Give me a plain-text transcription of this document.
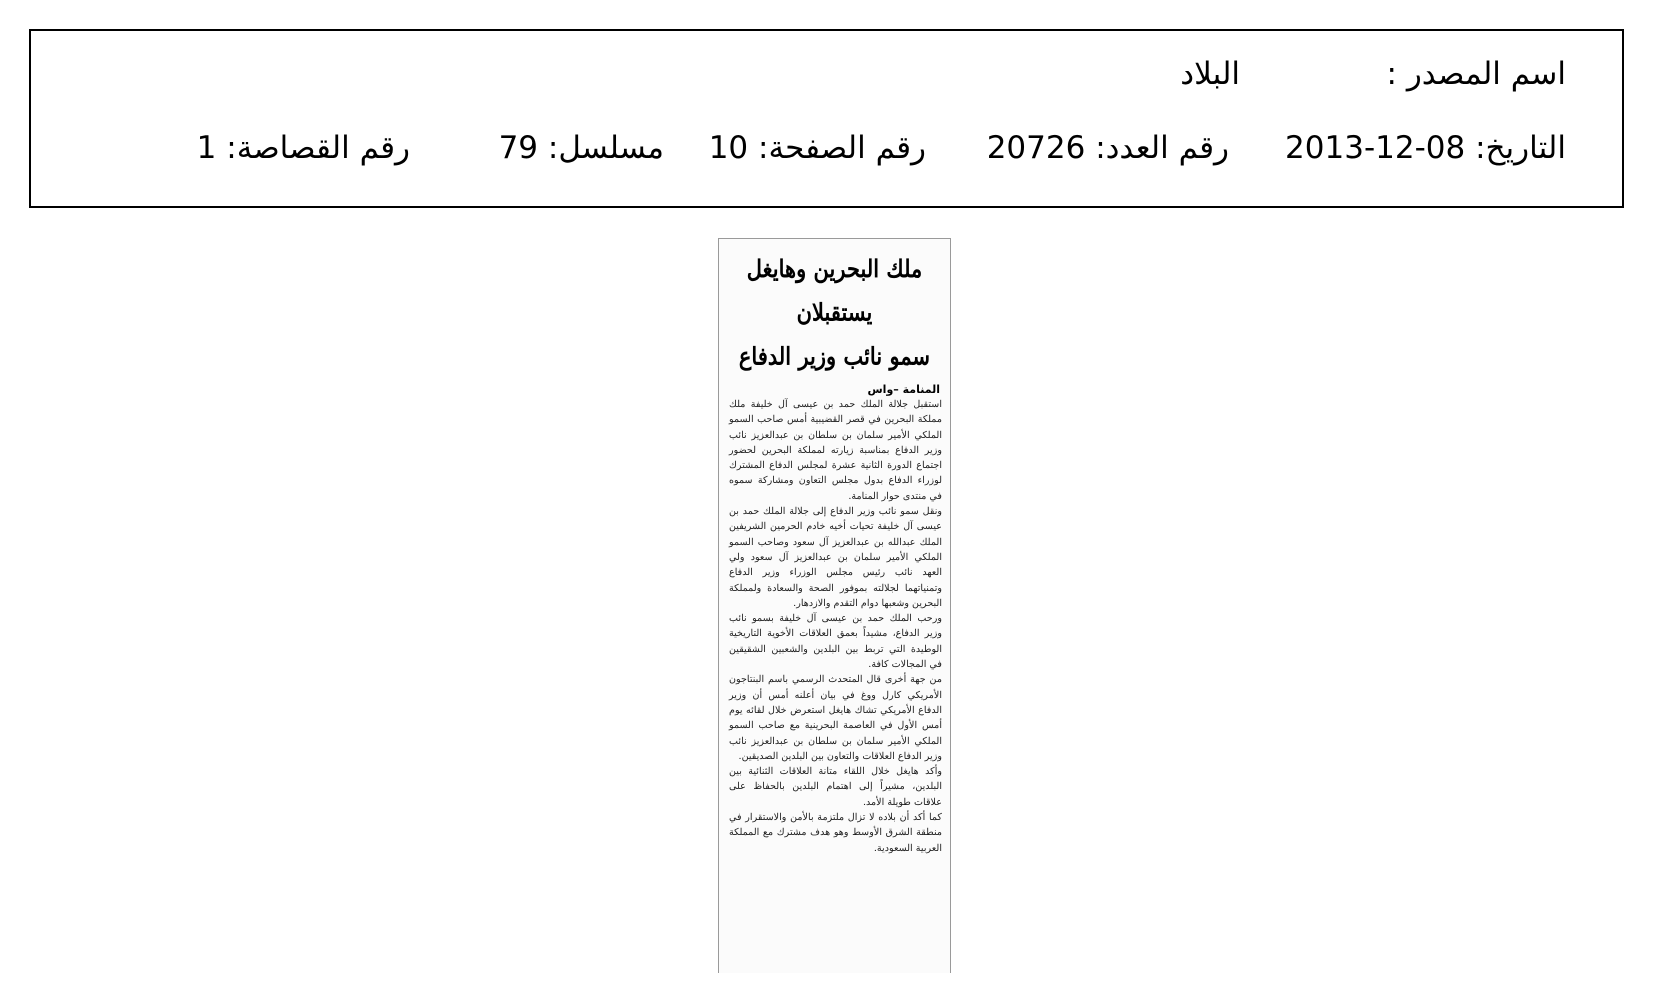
اسم المصدر :
البلاد
التاريخ: 2013-12-08
رقم العدد: 20726
رقم الصفحة: 10
مسلسل: 79
رقم القصاصة: 1
ملك البحرين وهايغل يستقبلان
سمو نائب وزير الدفاع
المنامة –واس

استقبل جلالة الملك حمد بن عيسى آل خليفة ملك مملكة البحرين في قصر القضيبية أمس صاحب السمو الملكي الأمير سلمان بن سلطان بن عبدالعزيز نائب وزير الدفاع بمناسبة زيارته لمملكة البحرين لحضور اجتماع الدورة الثانية عشرة لمجلس الدفاع المشترك لوزراء الدفاع بدول مجلس التعاون ومشاركة سموه في منتدى حوار المنامة.

ونقل سمو نائب وزير الدفاع إلى جلالة الملك حمد بن عيسى آل خليفة تحيات أخيه خادم الحرمين الشريفين الملك عبدالله بن عبدالعزيز آل سعود وصاحب السمو الملكي الأمير سلمان بن عبدالعزيز آل سعود ولي العهد نائب رئيس مجلس الوزراء وزير الدفاع وتمنياتهما لجلالته بموفور الصحة والسعادة ولمملكة البحرين وشعبها دوام التقدم والازدهار.

ورحب الملك حمد بن عيسى آل خليفة بسمو نائب وزير الدفاع، مشيداً بعمق العلاقات الأخوية التاريخية الوطيدة التي تربط بين البلدين والشعبين الشقيقين في المجالات كافة.

من جهة أخرى قال المتحدث الرسمي باسم البنتاجون الأمريكي كارل ووغ في بيان أعلنه أمس أن وزير الدفاع الأمريكي تشاك هايغل استعرض خلال لقائه يوم أمس الأول في العاصمة البحرينية مع صاحب السمو الملكي الأمير سلمان بن سلطان بن عبدالعزيز نائب وزير الدفاع العلاقات والتعاون بين البلدين الصديقين.

وأكد هايغل خلال اللقاء متانة العلاقات الثنائية بين البلدين، مشيراً إلى اهتمام البلدين بالحفاظ على علاقات طويلة الأمد.

كما أكد أن بلاده لا تزال ملتزمة بالأمن والاستقرار في منطقة الشرق الأوسط وهو هدف مشترك مع المملكة العربية السعودية.
